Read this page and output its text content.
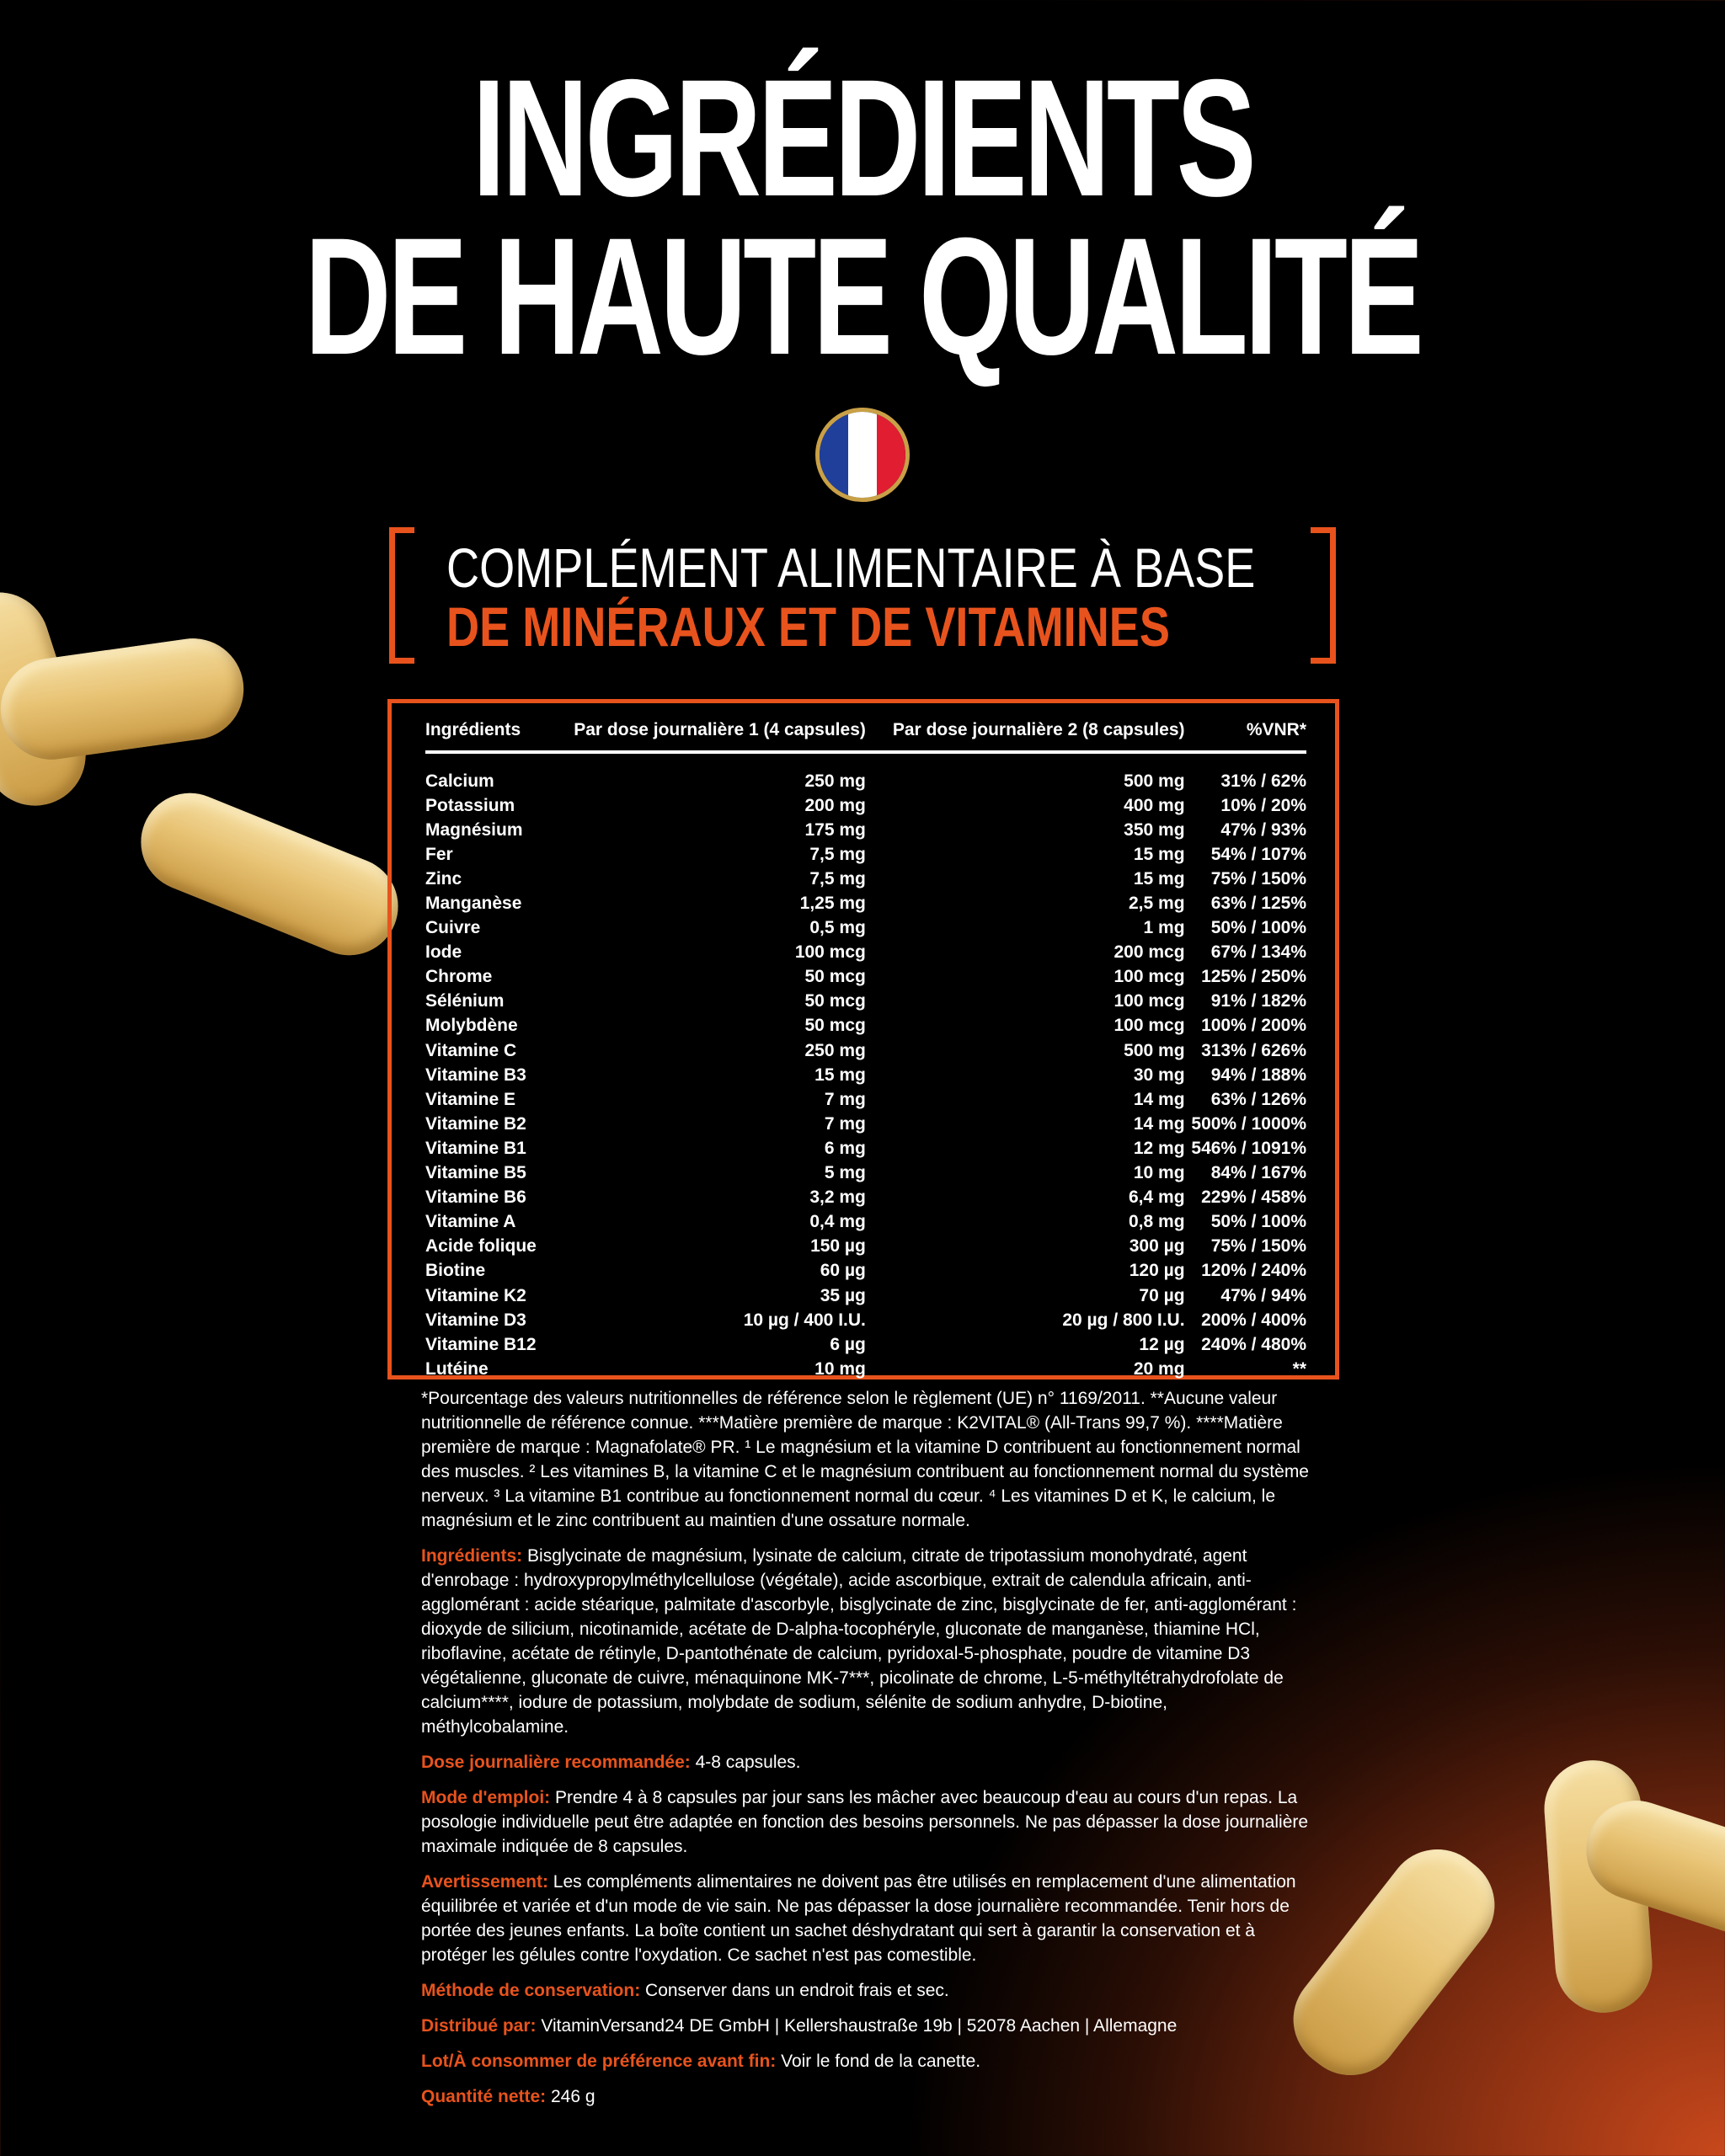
INGRÉDIENTS
DE HAUTE QUALITÉ
COMPLÉMENT ALIMENTAIRE À BASE
DE MINÉRAUX ET DE VITAMINES
Ingrédients	Par dose journalière 1 (4 capsules)	Par dose journalière 2 (8 capsules)	%VNR*
Calcium	250 mg	500 mg	31% / 62%
Potassium	200 mg	400 mg	10% / 20%
Magnésium	175 mg	350 mg	47% / 93%
Fer	7,5 mg	15 mg	54% / 107%
Zinc	7,5 mg	15 mg	75% / 150%
Manganèse	1,25 mg	2,5 mg	63% / 125%
Cuivre	0,5 mg	1 mg	50% / 100%
Iode	100 mcg	200 mcg	67% / 134%
Chrome	50 mcg	100 mcg	125% / 250%
Sélénium	50 mcg	100 mcg	91% / 182%
Molybdène	50 mcg	100 mcg	100% / 200%
Vitamine C	250 mg	500 mg	313% / 626%
Vitamine B3	15 mg	30 mg	94% / 188%
Vitamine E	7 mg	14 mg	63% / 126%
Vitamine B2	7 mg	14 mg	500% / 1000%
Vitamine B1	6 mg	12 mg	546% / 1091%
Vitamine B5	5 mg	10 mg	84% / 167%
Vitamine B6	3,2 mg	6,4 mg	229% / 458%
Vitamine A	0,4 mg	0,8 mg	50% / 100%
Acide folique	150 µg	300 µg	75% / 150%
Biotine	60 µg	120 µg	120% / 240%
Vitamine K2	35 µg	70 µg	47% / 94%
Vitamine D3	10 µg / 400 I.U.	20 µg / 800 I.U.	200% / 400%
Vitamine B12	6 µg	12 µg	240% / 480%
Lutéine	10 mg	20 mg	**

*Pourcentage des valeurs nutritionnelles de référence selon le règlement (UE) n° 1169/2011. **Aucune valeur nutritionnelle de référence connue. ***Matière première de marque : K2VITAL® (All-Trans 99,7 %). ****Matière première de marque : Magnafolate® PR. ¹ Le magnésium et la vitamine D contribuent au fonctionnement normal des muscles. ² Les vitamines B, la vitamine C et le magnésium contribuent au fonctionnement normal du système nerveux. ³ La vitamine B1 contribue au fonctionnement normal du cœur. ⁴ Les vitamines D et K, le calcium, le magnésium et le zinc contribuent au maintien d'une ossature normale.

Ingrédients: Bisglycinate de magnésium, lysinate de calcium, citrate de tripotassium monohydraté, agent d'enrobage : hydroxypropylméthylcellulose (végétale), acide ascorbique, extrait de calendula africain, anti-agglomérant : acide stéarique, palmitate d'ascorbyle, bisglycinate de zinc, bisglycinate de fer, anti-agglomérant : dioxyde de silicium, nicotinamide, acétate de D-alpha-tocophéryle, gluconate de manganèse, thiamine HCl, riboflavine, acétate de rétinyle, D-pantothénate de calcium, pyridoxal-5-phosphate, poudre de vitamine D3 végétalienne, gluconate de cuivre, ménaquinone MK-7***, picolinate de chrome, L-5-méthyltétrahydrofolate de calcium****, iodure de potassium, molybdate de sodium, sélénite de sodium anhydre, D-biotine, méthylcobalamine.

Dose journalière recommandée: 4-8 capsules.

Mode d'emploi: Prendre 4 à 8 capsules par jour sans les mâcher avec beaucoup d'eau au cours d'un repas. La posologie individuelle peut être adaptée en fonction des besoins personnels. Ne pas dépasser la dose journalière maximale indiquée de 8 capsules.

Avertissement: Les compléments alimentaires ne doivent pas être utilisés en remplacement d'une alimentation équilibrée et variée et d'un mode de vie sain. Ne pas dépasser la dose journalière recommandée. Tenir hors de portée des jeunes enfants. La boîte contient un sachet déshydratant qui sert à garantir la conservation et à protéger les gélules contre l'oxydation. Ce sachet n'est pas comestible.

Méthode de conservation: Conserver dans un endroit frais et sec.

Distribué par: VitaminVersand24 DE GmbH | Kellershaustraße 19b | 52078 Aachen | Allemagne

Lot/À consommer de préférence avant fin: Voir le fond de la canette.

Quantité nette: 246 g
